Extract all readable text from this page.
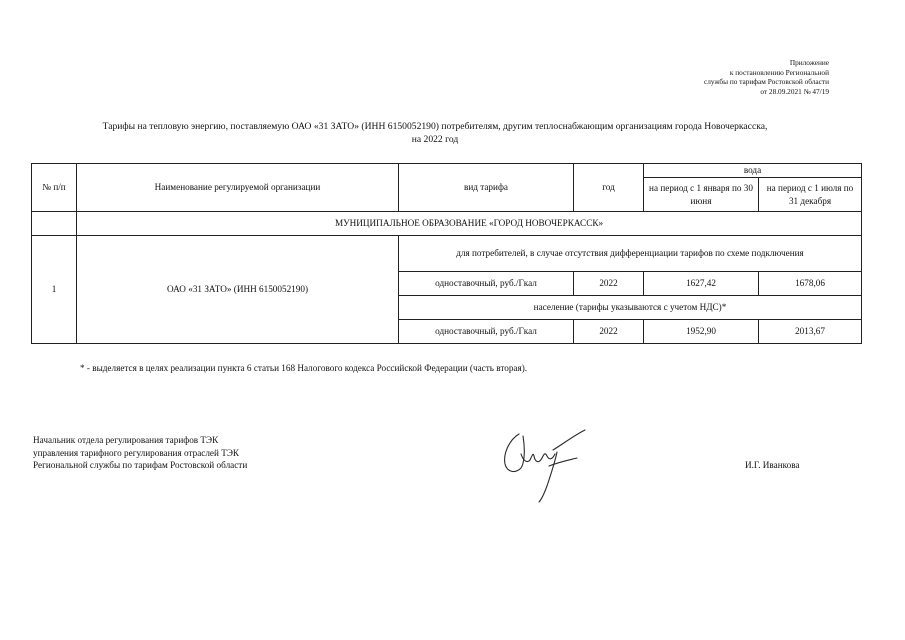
Приложение
к постановлению Региональной
службы по тарифам Ростовской области
от 28.09.2021 № 47/19
Тарифы на тепловую энергию, поставляемую ОАО «31 ЗАТО» (ИНН 6150052190) потребителям, другим теплоснабжающим организациям города Новочеркасска,
на 2022 год
№ п/п	Наименование регулируемой организации	вид тарифа	год	вода	
				на период с 1 января по 30 июня	на период с 1 июля по 31 декабря
	МУНИЦИПАЛЬНОЕ ОБРАЗОВАНИЕ «ГОРОД НОВОЧЕРКАССК»				
1	ОАО «31 ЗАТО» (ИНН 6150052190)	для потребителей, в случае отсутствия дифференциации тарифов по схеме подключения			
		одноставочный, руб./Гкал	2022	1627,42	1678,06
		население (тарифы указываются с учетом НДС)*			
		одноставочный, руб./Гкал	2022	1952,90	2013,67
* - выделяется в целях реализации пункта 6 статьи 168 Налогового кодекса Российской Федерации (часть вторая).
Начальник отдела регулирования тарифов ТЭК
управления тарифного регулирования отраслей ТЭК
Региональной службы по тарифам Ростовской области	И.Г. Иванкова
